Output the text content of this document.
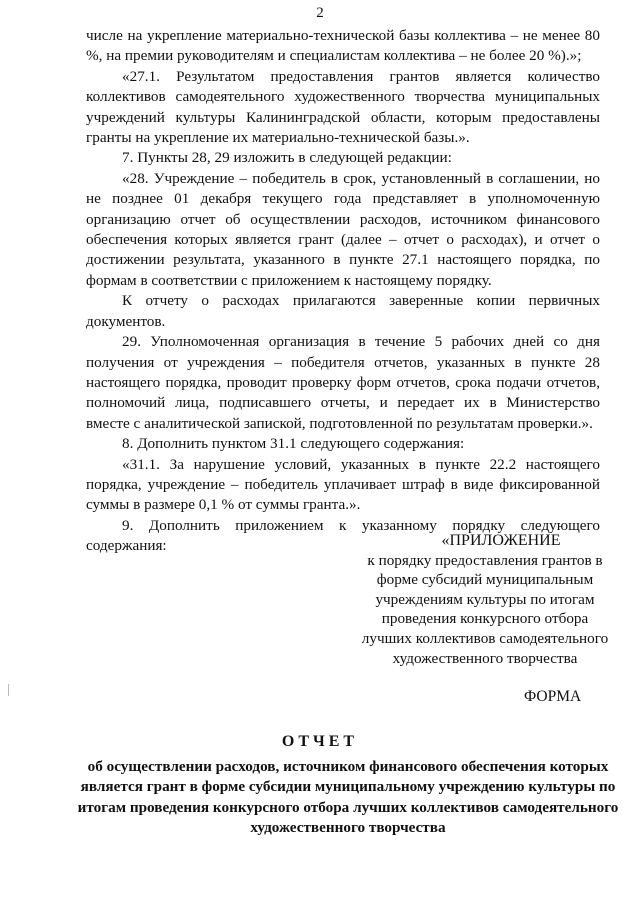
2

числе на укрепление материально-технической базы коллектива – не менее 80 %, на премии руководителям и специалистам коллектива – не более 20 %).»;

«27.1. Результатом предоставления грантов является количество коллективов самодеятельного художественного творчества муниципальных учреждений культуры Калининградской области, которым предоставлены гранты на укрепление их материально-технической базы.».

7. Пункты 28, 29 изложить в следующей редакции:

«28. Учреждение – победитель в срок, установленный в соглашении, но не позднее 01 декабря текущего года представляет в уполномоченную организацию отчет об осуществлении расходов, источником финансового обеспечения которых является грант (далее – отчет о расходах), и отчет о достижении результата, указанного в пункте 27.1 настоящего порядка, по формам в соответствии с приложением к настоящему порядку.

К отчету о расходах прилагаются заверенные копии первичных документов.

29. Уполномоченная организация в течение 5 рабочих дней со дня получения от учреждения – победителя отчетов, указанных в пункте 28 настоящего порядка, проводит проверку форм отчетов, срока подачи отчетов, полномочий лица, подписавшего отчеты, и передает их в Министерство вместе с аналитической запиской, подготовленной по результатам проверки.».

8. Дополнить пунктом 31.1 следующего содержания:

«31.1. За нарушение условий, указанных в пункте 22.2 настоящего порядка, учреждение – победитель уплачивает штраф в виде фиксированной суммы в размере 0,1 % от суммы гранта.».

9. Дополнить приложением к указанному порядку следующего содержания:	«ПРИЛОЖЕНИЕ

к порядку предоставления грантов в форме субсидий муниципальным учреждениям культуры по итогам проведения конкурсного отбора лучших коллективов самодеятельного художественного творчества

ФОРМА
ОТЧЕТ
об осуществлении расходов, источником финансового обеспечения которых является грант в форме субсидии муниципальному учреждению культуры по итогам проведения конкурсного отбора лучших коллективов самодеятельного художественного творчества
